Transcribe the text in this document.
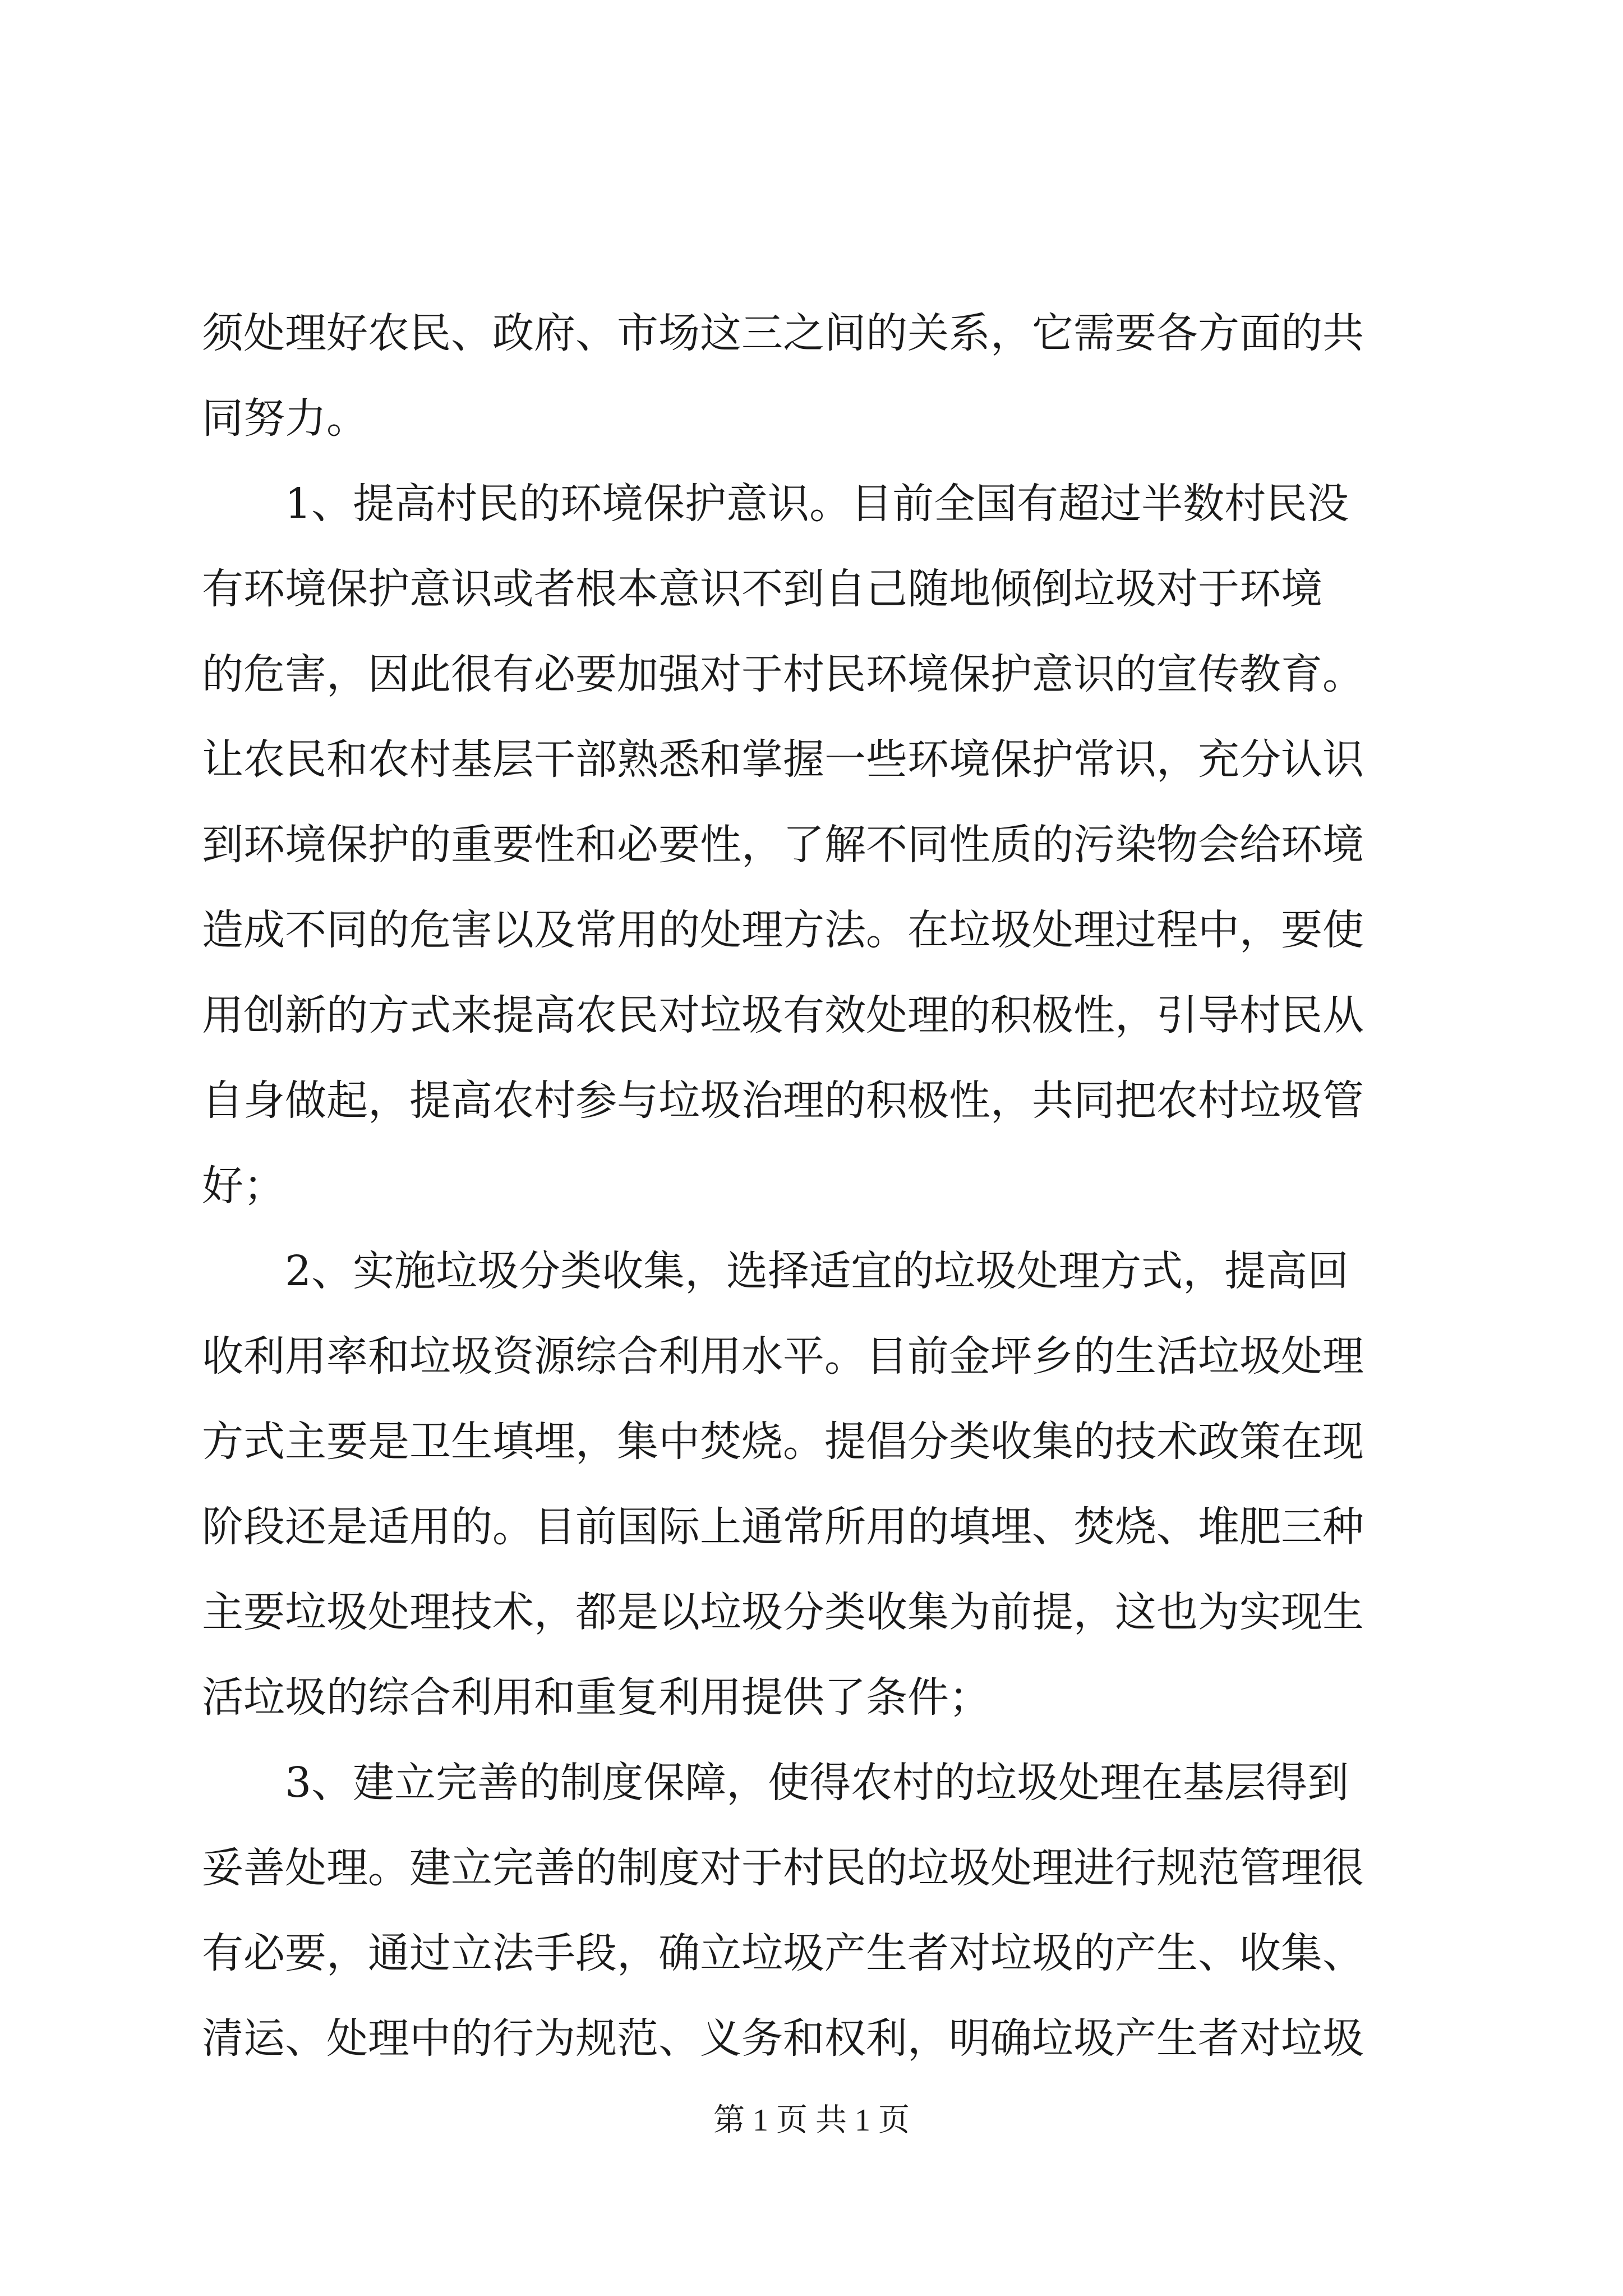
须处理好农民、政府、市场这三之间的关系，它需要各方面的共
同努力。
　　1、提高村民的环境保护意识。目前全国有超过半数村民没
有环境保护意识或者根本意识不到自己随地倾倒垃圾对于环境
的危害，因此很有必要加强对于村民环境保护意识的宣传教育。
让农民和农村基层干部熟悉和掌握一些环境保护常识，充分认识
到环境保护的重要性和必要性，了解不同性质的污染物会给环境
造成不同的危害以及常用的处理方法。在垃圾处理过程中，要使
用创新的方式来提高农民对垃圾有效处理的积极性，引导村民从
自身做起，提高农村参与垃圾治理的积极性，共同把农村垃圾管
好；
　　2、实施垃圾分类收集，选择适宜的垃圾处理方式，提高回
收利用率和垃圾资源综合利用水平。目前金坪乡的生活垃圾处理
方式主要是卫生填埋，集中焚烧。提倡分类收集的技术政策在现
阶段还是适用的。目前国际上通常所用的填埋、焚烧、堆肥三种
主要垃圾处理技术，都是以垃圾分类收集为前提，这也为实现生
活垃圾的综合利用和重复利用提供了条件；
　　3、建立完善的制度保障，使得农村的垃圾处理在基层得到
妥善处理。建立完善的制度对于村民的垃圾处理进行规范管理很
有必要，通过立法手段，确立垃圾产生者对垃圾的产生、收集、
清运、处理中的行为规范、义务和权利，明确垃圾产生者对垃圾
第 1 页 共 1 页
